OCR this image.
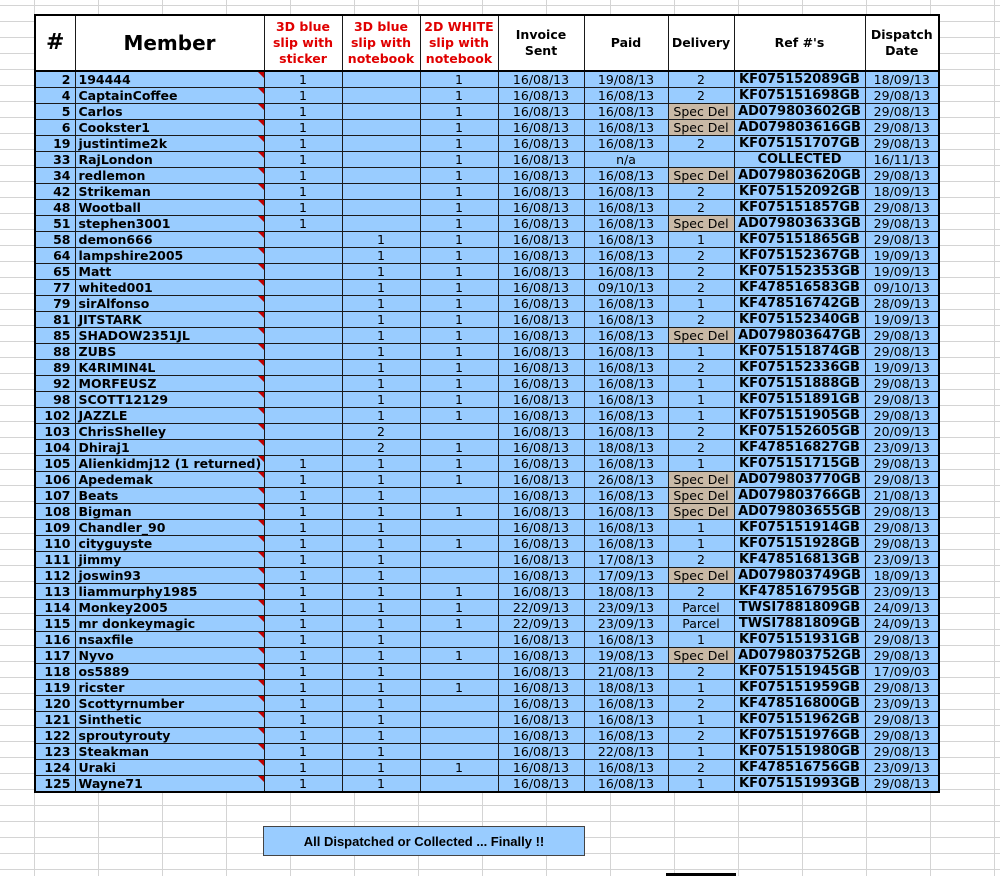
#	Member	3D blue slip with sticker	3D blue slip with notebook	2D WHITE slip with notebook	Invoice Sent	Paid	Delivery	Ref #'s	Dispatch Date
2	194444	1		1	16/08/13	19/08/13	2	KF075152089GB	18/09/13
4	CaptainCoffee	1		1	16/08/13	16/08/13	2	KF075151698GB	29/08/13
5	Carlos	1		1	16/08/13	16/08/13	Spec Del	AD079803602GB	29/08/13
6	Cookster1	1		1	16/08/13	16/08/13	Spec Del	AD079803616GB	29/08/13
19	justintime2k	1		1	16/08/13	16/08/13	2	KF075151707GB	29/08/13
33	RajLondon	1		1	16/08/13	n/a		COLLECTED	16/11/13
34	redlemon	1		1	16/08/13	16/08/13	Spec Del	AD079803620GB	29/08/13
42	Strikeman	1		1	16/08/13	16/08/13	2	KF075152092GB	18/09/13
48	Wootball	1		1	16/08/13	16/08/13	2	KF075151857GB	29/08/13
51	stephen3001	1		1	16/08/13	16/08/13	Spec Del	AD079803633GB	29/08/13
58	demon666		1	1	16/08/13	16/08/13	1	KF075151865GB	29/08/13
64	lampshire2005		1	1	16/08/13	16/08/13	2	KF075152367GB	19/09/13
65	Matt		1	1	16/08/13	16/08/13	2	KF075152353GB	19/09/13
77	whited001		1	1	16/08/13	09/10/13	2	KF478516583GB	09/10/13
79	sirAlfonso		1	1	16/08/13	16/08/13	1	KF478516742GB	28/09/13
81	JITSTARK		1	1	16/08/13	16/08/13	2	KF075152340GB	19/09/13
85	SHADOW2351JL		1	1	16/08/13	16/08/13	Spec Del	AD079803647GB	29/08/13
88	ZUBS		1	1	16/08/13	16/08/13	1	KF075151874GB	29/08/13
89	K4RIMIN4L		1	1	16/08/13	16/08/13	2	KF075152336GB	19/09/13
92	MORFEUSZ		1	1	16/08/13	16/08/13	1	KF075151888GB	29/08/13
98	SCOTT12129		1	1	16/08/13	16/08/13	1	KF075151891GB	29/08/13
102	JAZZLE		1	1	16/08/13	16/08/13	1	KF075151905GB	29/08/13
103	ChrisShelley		2		16/08/13	16/08/13	2	KF075152605GB	20/09/13
104	Dhiraj1		2	1	16/08/13	18/08/13	2	KF478516827GB	23/09/13
105	Alienkidmj12 (1 returned)	1	1	1	16/08/13	16/08/13	1	KF075151715GB	29/08/13
106	Apedemak	1	1	1	16/08/13	26/08/13	Spec Del	AD079803770GB	29/08/13
107	Beats	1	1		16/08/13	16/08/13	Spec Del	AD079803766GB	21/08/13
108	Bigman	1	1	1	16/08/13	16/08/13	Spec Del	AD079803655GB	29/08/13
109	Chandler_90	1	1		16/08/13	16/08/13	1	KF075151914GB	29/08/13
110	cityguyste	1	1	1	16/08/13	16/08/13	1	KF075151928GB	29/08/13
111	jimmy	1	1		16/08/13	17/08/13	2	KF478516813GB	23/09/13
112	joswin93	1	1		16/08/13	17/09/13	Spec Del	AD079803749GB	18/09/13
113	liammurphy1985	1	1	1	16/08/13	18/08/13	2	KF478516795GB	23/09/13
114	Monkey2005	1	1	1	22/09/13	23/09/13	Parcel	TWSI7881809GB	24/09/13
115	mr donkeymagic	1	1	1	22/09/13	23/09/13	Parcel	TWSI7881809GB	24/09/13
116	nsaxfile	1	1		16/08/13	16/08/13	1	KF075151931GB	29/08/13
117	Nyvo	1	1	1	16/08/13	19/08/13	Spec Del	AD079803752GB	29/08/13
118	os5889	1	1		16/08/13	21/08/13	2	KF075151945GB	17/09/03
119	ricster	1	1	1	16/08/13	18/08/13	1	KF075151959GB	29/08/13
120	Scottyrnumber	1	1		16/08/13	16/08/13	2	KF478516800GB	23/09/13
121	Sinthetic	1	1		16/08/13	16/08/13	1	KF075151962GB	29/08/13
122	sproutyrouty	1	1		16/08/13	16/08/13	2	KF075151976GB	29/08/13
123	Steakman	1	1		16/08/13	22/08/13	1	KF075151980GB	29/08/13
124	Uraki	1	1	1	16/08/13	16/08/13	2	KF478516756GB	23/09/13
125	Wayne71	1	1		16/08/13	16/08/13	1	KF075151993GB	29/08/13
All Dispatched or Collected ... Finally !!
